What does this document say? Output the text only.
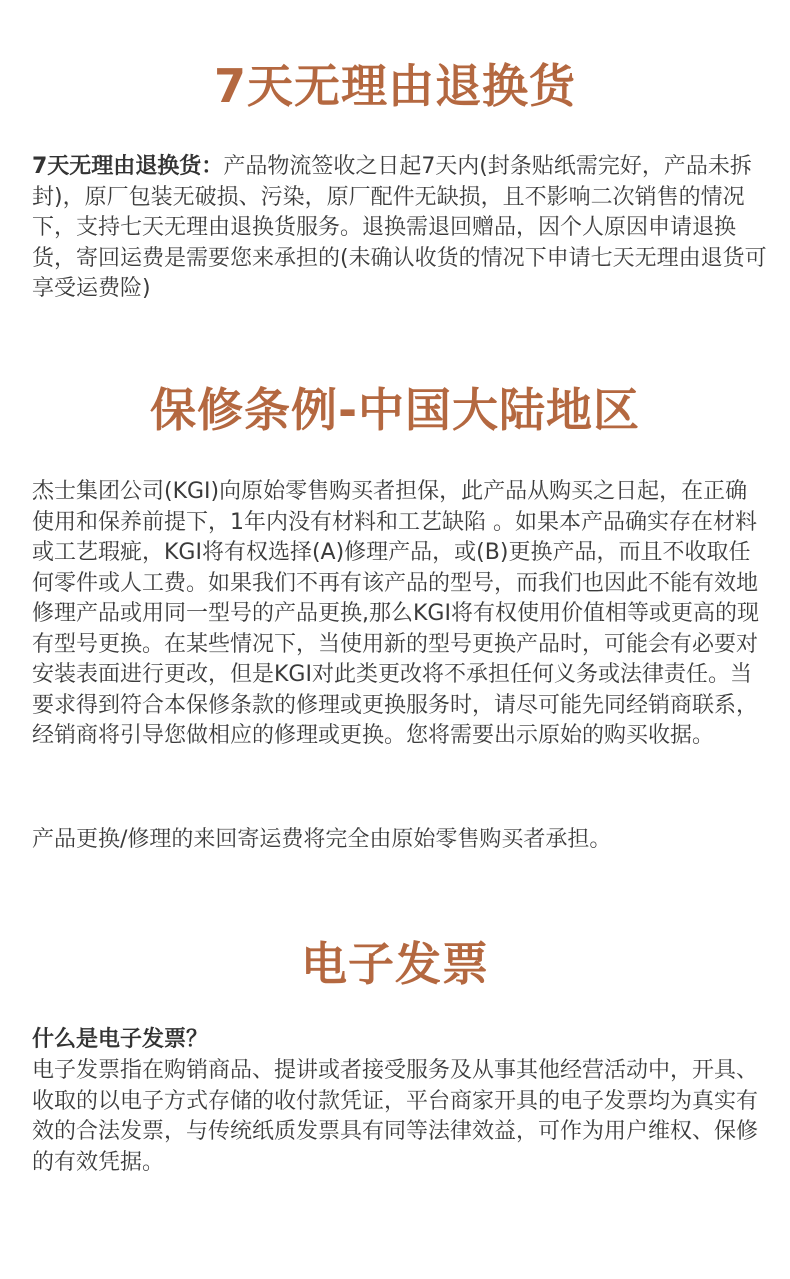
7天无理由退换货

7天无理由退换货：产品物流签收之日起7天内(封条贴纸需完好，产品未拆封)，原厂包装无破损、污染，原厂配件无缺损，且不影响二次销售的情况下，支持七天无理由退换货服务。退换需退回赠品，因个人原因申请退换货，寄回运费是需要您来承担的(未确认收货的情况下申请七天无理由退货可享受运费险)

保修条例-中国大陆地区

杰士集团公司(KGI)向原始零售购买者担保，此产品从购买之日起，在正确使用和保养前提下，1年内没有材料和工艺缺陷 。如果本产品确实存在材料或工艺瑕疵，KGI将有权选择(A)修理产品，或(B)更换产品，而且不收取任何零件或人工费。如果我们不再有该产品的型号，而我们也因此不能有效地修理产品或用同一型号的产品更换,那么KGI将有权使用价值相等或更高的现有型号更换。在某些情况下，当使用新的型号更换产品时，可能会有必要对安装表面进行更改，但是KGI对此类更改将不承担任何义务或法律责任。当要求得到符合本保修条款的修理或更换服务时，请尽可能先同经销商联系，经销商将引导您做相应的修理或更换。您将需要出示原始的购买收据。

产品更换/修理的来回寄运费将完全由原始零售购买者承担。

电子发票

什么是电子发票？

电子发票指在购销商品、提讲或者接受服务及从事其他经营活动中，开具、收取的以电子方式存储的收付款凭证，平台商家开具的电子发票均为真实有效的合法发票，与传统纸质发票具有同等法律效益，可作为用户维权、保修的有效凭据。
